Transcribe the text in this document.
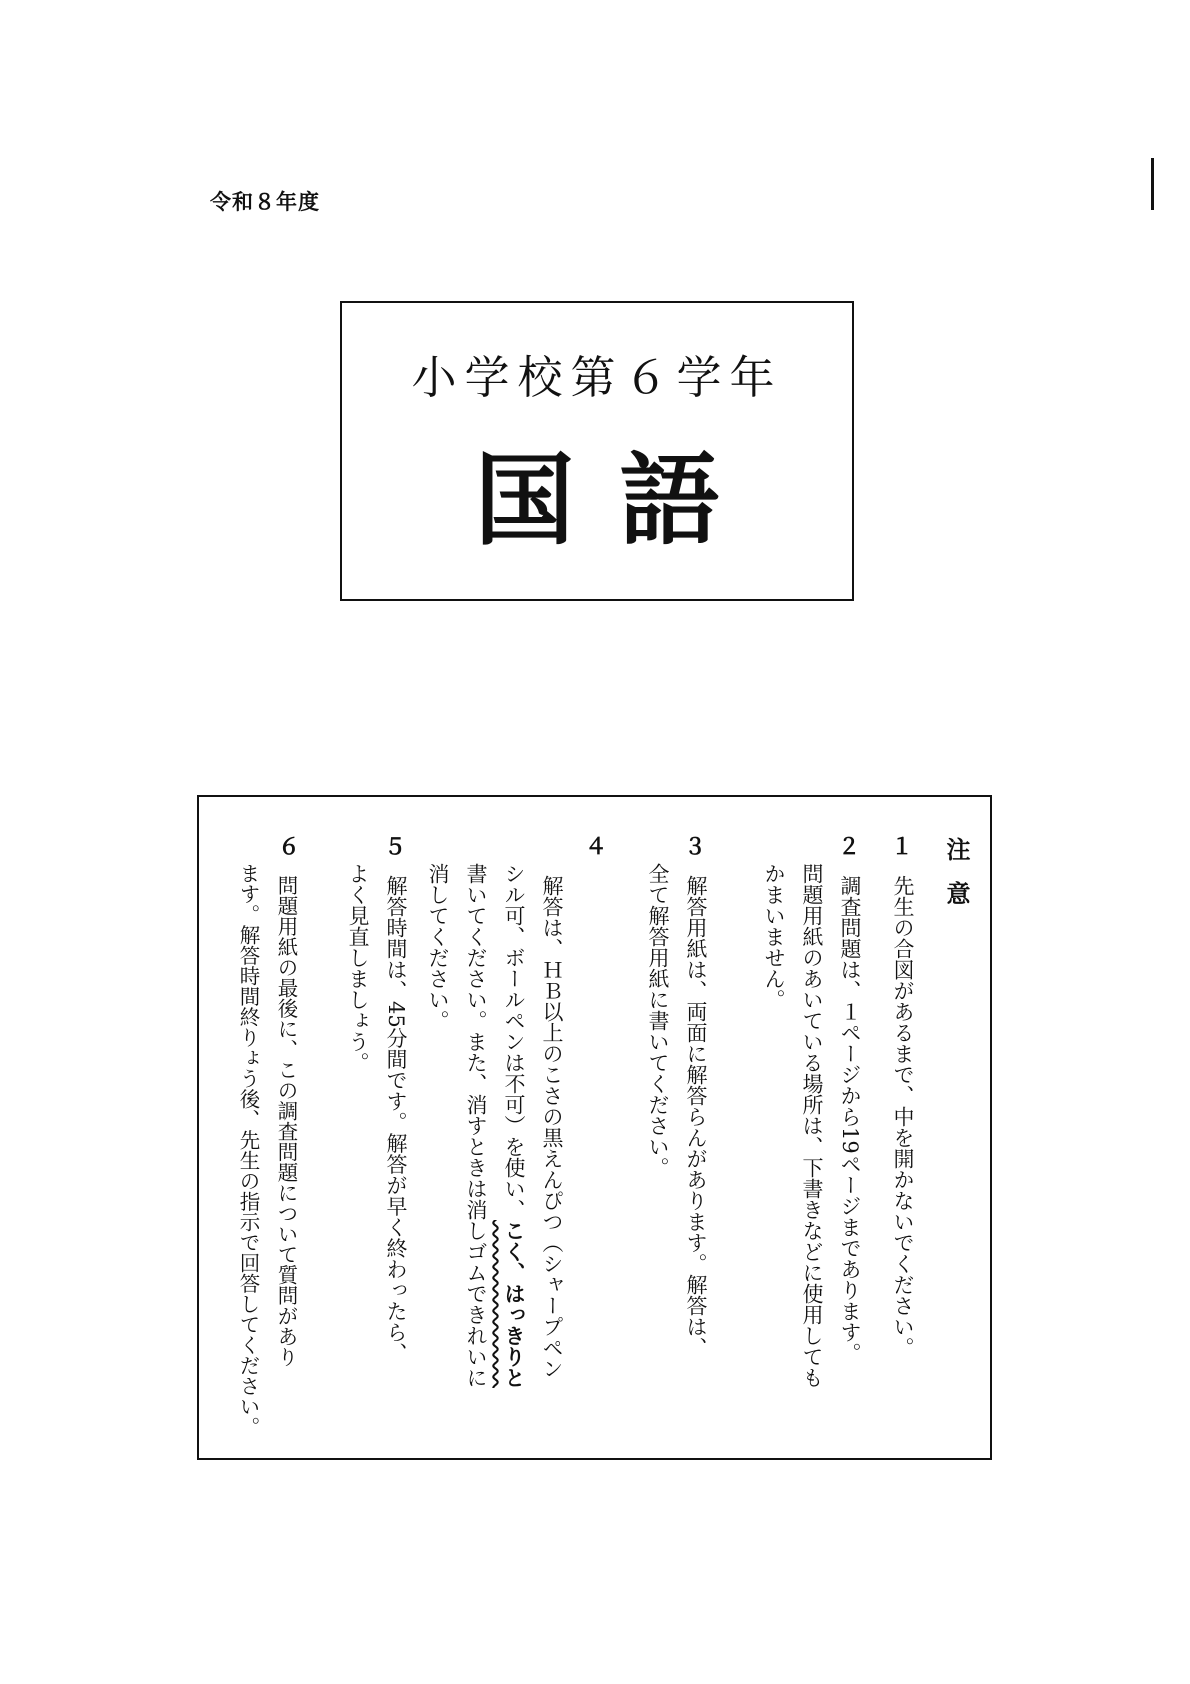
令和８年度
小学校第６学年
国語
注意
１
先生の合図があるまで、中を開かないでください。
２
調査問題は、１ページから19ページまであります。
問題用紙のあいている場所は、下書きなどに使用しても
かまいません。
３
解答用紙は、両面に解答らんがあります。解答は、
全て解答用紙に書いてください。
４
解答は、ＨＢ以上のこさの黒えんぴつ（シャープペン
シル可、ボールペンは不可）を使い、こく、はっきりと
書いてください。また、消すときは消しゴムできれいに
消してください。
５
解答時間は、45分間です。解答が早く終わったら、
よく見直しましょう。
６
問題用紙の最後に、この調査問題について質問があり
ます。解答時間終りょう後、先生の指示で回答してください。
